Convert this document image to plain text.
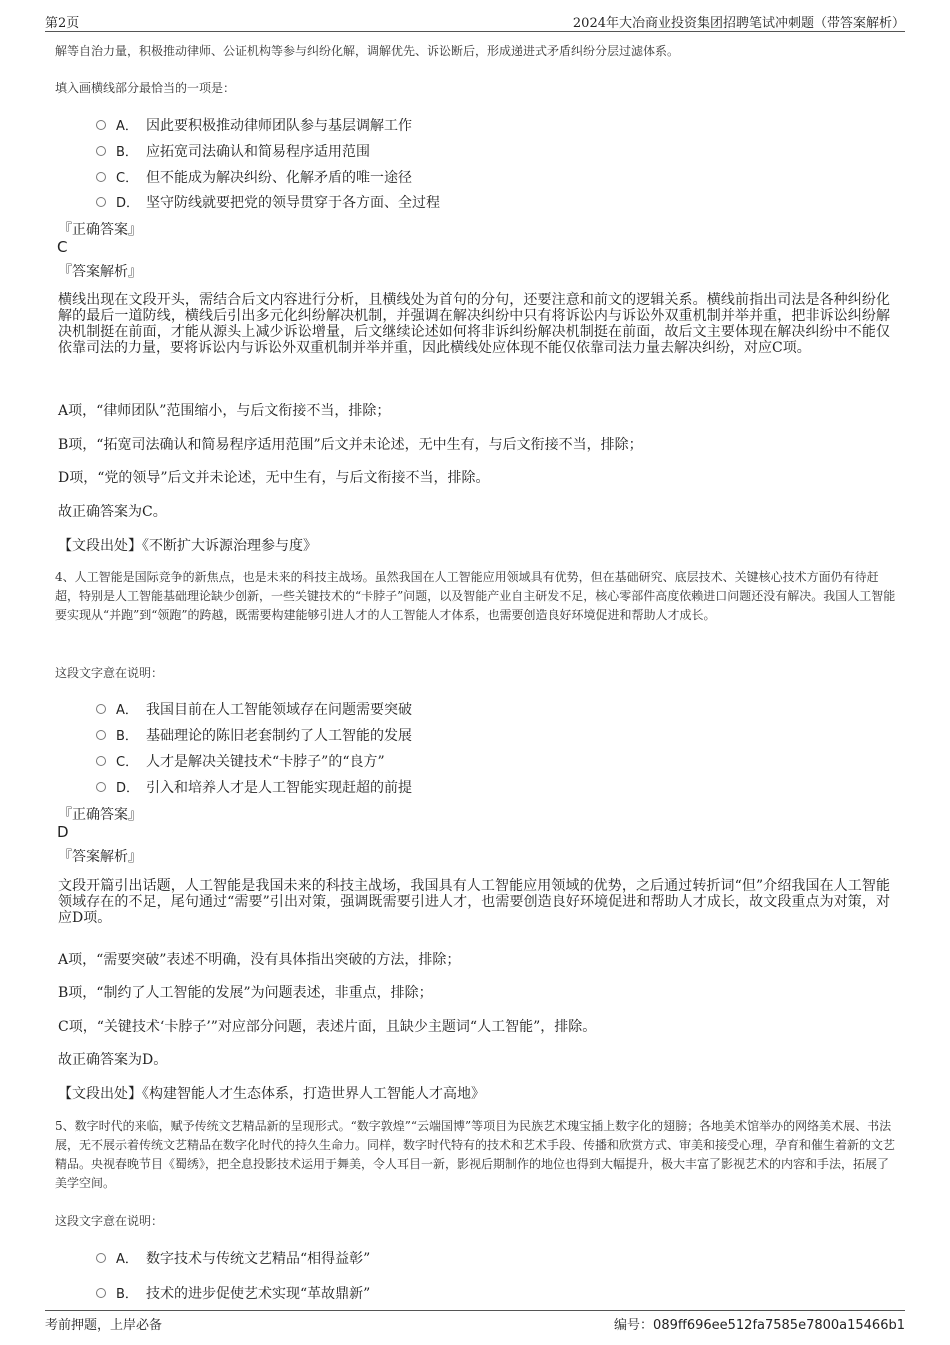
第2页	2024年大冶商业投资集团招聘笔试冲刺题（带答案解析）
解等自治力量，积极推动律师、公证机构等参与纠纷化解，调解优先、诉讼断后，形成递进式矛盾纠纷分层过滤体系。
填入画横线部分最恰当的一项是：
A． 因此要积极推动律师团队参与基层调解工作
B． 应拓宽司法确认和简易程序适用范围
C． 但不能成为解决纠纷、化解矛盾的唯一途径
D． 坚守防线就要把党的领导贯穿于各方面、全过程
『正确答案』
C
『答案解析』
横线出现在文段开头，需结合后文内容进行分析，且横线处为首句的分句，还要注意和前文的逻辑关系。横线前指出司法是各种纠纷化解的最后一道防线，横线后引出多元化纠纷解决机制，并强调在解决纠纷中只有将诉讼内与诉讼外双重机制并举并重，把非诉讼纠纷解决机制挺在前面，才能从源头上减少诉讼增量，后文继续论述如何将非诉纠纷解决机制挺在前面，故后文主要体现在解决纠纷中不能仅依靠司法的力量，要将诉讼内与诉讼外双重机制并举并重，因此横线处应体现不能仅依靠司法力量去解决纠纷，对应C项。
A项，“律师团队”范围缩小，与后文衔接不当，排除；
B项，“拓宽司法确认和简易程序适用范围”后文并未论述，无中生有，与后文衔接不当，排除；
D项，“党的领导”后文并未论述，无中生有，与后文衔接不当，排除。
故正确答案为C。
【文段出处】《不断扩大诉源治理参与度》
4、人工智能是国际竞争的新焦点，也是未来的科技主战场。虽然我国在人工智能应用领域具有优势，但在基础研究、底层技术、关键核心技术方面仍有待赶超，特别是人工智能基础理论缺少创新，一些关键技术的“卡脖子”问题，以及智能产业自主研发不足，核心零部件高度依赖进口问题还没有解决。我国人工智能要实现从“并跑”到“领跑”的跨越，既需要构建能够引进人才的人工智能人才体系，也需要创造良好环境促进和帮助人才成长。
这段文字意在说明：
A． 我国目前在人工智能领域存在问题需要突破
B． 基础理论的陈旧老套制约了人工智能的发展
C． 人才是解决关键技术“卡脖子”的“良方”
D． 引入和培养人才是人工智能实现赶超的前提
『正确答案』
D
『答案解析』
文段开篇引出话题，人工智能是我国未来的科技主战场，我国具有人工智能应用领域的优势，之后通过转折词“但”介绍我国在人工智能领域存在的不足，尾句通过“需要”引出对策，强调既需要引进人才，也需要创造良好环境促进和帮助人才成长，故文段重点为对策，对应D项。
A项，“需要突破”表述不明确，没有具体指出突破的方法，排除；
B项，“制约了人工智能的发展”为问题表述，非重点，排除；
C项，“关键技术‘卡脖子’”对应部分问题，表述片面，且缺少主题词“人工智能”，排除。
故正确答案为D。
【文段出处】《构建智能人才生态体系，打造世界人工智能人才高地》
5、数字时代的来临，赋予传统文艺精品新的呈现形式。“数字敦煌”“云端国博”等项目为民族艺术瑰宝插上数字化的翅膀；各地美术馆举办的网络美术展、书法展，无不展示着传统文艺精品在数字化时代的持久生命力。同样，数字时代特有的技术和艺术手段、传播和欣赏方式、审美和接受心理，孕育和催生着新的文艺精品。央视春晚节目《蜀绣》，把全息投影技术运用于舞美，令人耳目一新，影视后期制作的地位也得到大幅提升，极大丰富了影视艺术的内容和手法，拓展了美学空间。
这段文字意在说明：
A． 数字技术与传统文艺精品“相得益彰”
B． 技术的进步促使艺术实现“革故鼎新”
考前押题，上岸必备	编号：089ff696ee512fa7585e7800a15466b1
